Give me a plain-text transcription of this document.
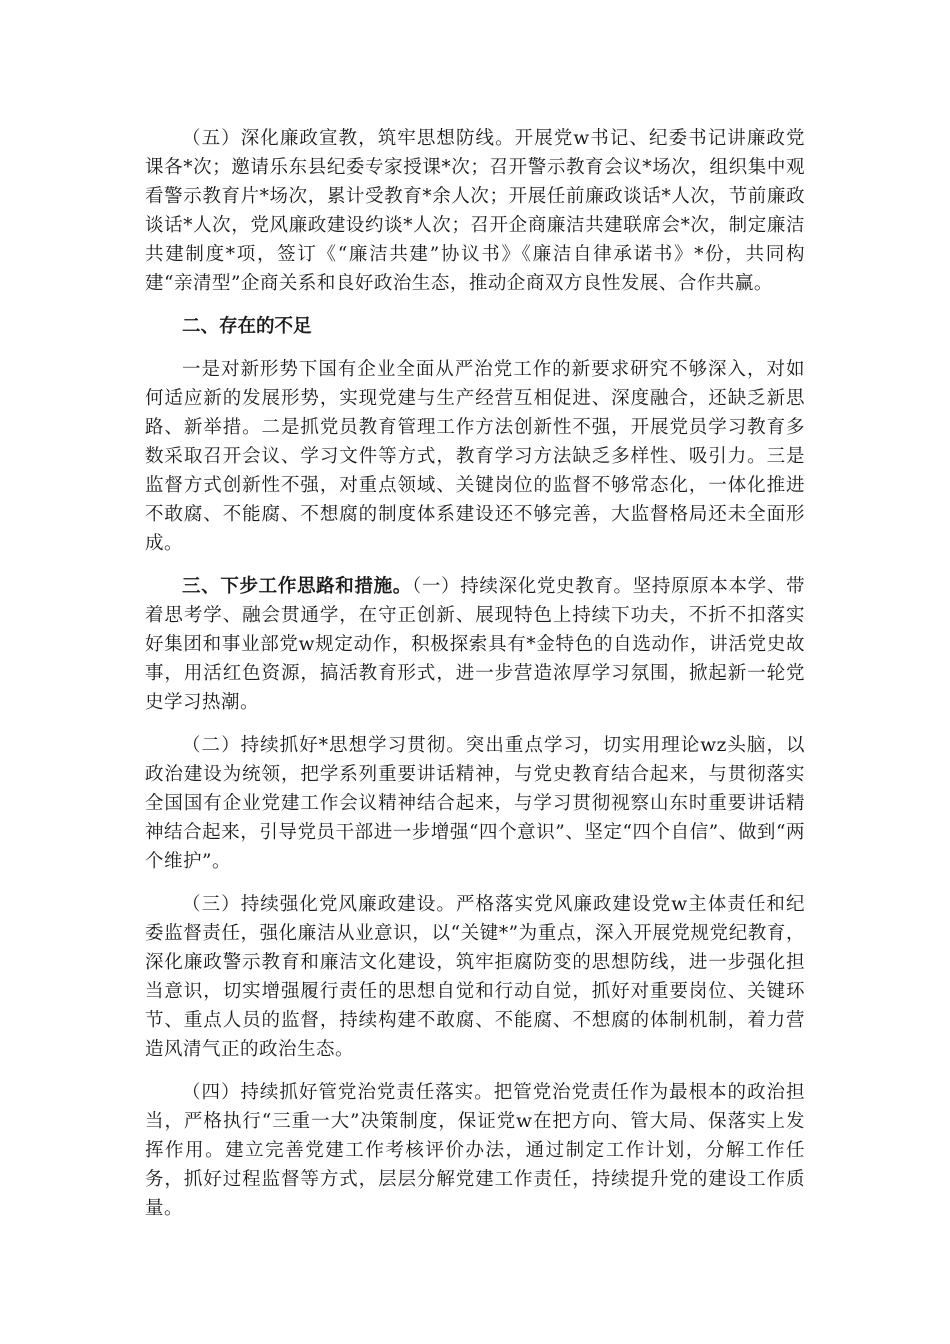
（五）深化廉政宣教，筑牢思想防线。开展党w书记、纪委书记讲廉政党课各*次；邀请乐东县纪委专家授课*次；召开警示教育会议*场次，组织集中观看警示教育片*场次，累计受教育*余人次；开展任前廉政谈话*人次，节前廉政谈话*人次，党风廉政建设约谈*人次；召开企商廉洁共建联席会*次，制定廉洁共建制度*项，签订《“廉洁共建”协议书》《廉洁自律承诺书》*份，共同构建“亲清型”企商关系和良好政治生态，推动企商双方良性发展、合作共赢。

二、存在的不足

一是对新形势下国有企业全面从严治党工作的新要求研究不够深入，对如何适应新的发展形势，实现党建与生产经营互相促进、深度融合，还缺乏新思路、新举措。二是抓党员教育管理工作方法创新性不强，开展党员学习教育多数采取召开会议、学习文件等方式，教育学习方法缺乏多样性、吸引力。三是监督方式创新性不强，对重点领域、关键岗位的监督不够常态化，一体化推进不敢腐、不能腐、不想腐的制度体系建设还不够完善，大监督格局还未全面形成。

三、下步工作思路和措施。（一）持续深化党史教育。坚持原原本本学、带着思考学、融会贯通学，在守正创新、展现特色上持续下功夫，不折不扣落实好集团和事业部党w规定动作，积极探索具有*金特色的自选动作，讲活党史故事，用活红色资源，搞活教育形式，进一步营造浓厚学习氛围，掀起新一轮党史学习热潮。

（二）持续抓好*思想学习贯彻。突出重点学习，切实用理论wz头脑，以政治建设为统领，把学系列重要讲话精神，与党史教育结合起来，与贯彻落实全国国有企业党建工作会议精神结合起来，与学习贯彻视察山东时重要讲话精神结合起来，引导党员干部进一步增强“四个意识”、坚定“四个自信”、做到“两个维护”。

（三）持续强化党风廉政建设。严格落实党风廉政建设党w主体责任和纪委监督责任，强化廉洁从业意识，以“关键*”为重点，深入开展党规党纪教育，深化廉政警示教育和廉洁文化建设，筑牢拒腐防变的思想防线，进一步强化担当意识，切实增强履行责任的思想自觉和行动自觉，抓好对重要岗位、关键环节、重点人员的监督，持续构建不敢腐、不能腐、不想腐的体制机制，着力营造风清气正的政治生态。

（四）持续抓好管党治党责任落实。把管党治党责任作为最根本的政治担当，严格执行“三重一大”决策制度，保证党w在把方向、管大局、保落实上发挥作用。建立完善党建工作考核评价办法，通过制定工作计划，分解工作任务，抓好过程监督等方式，层层分解党建工作责任，持续提升党的建设工作质量。
